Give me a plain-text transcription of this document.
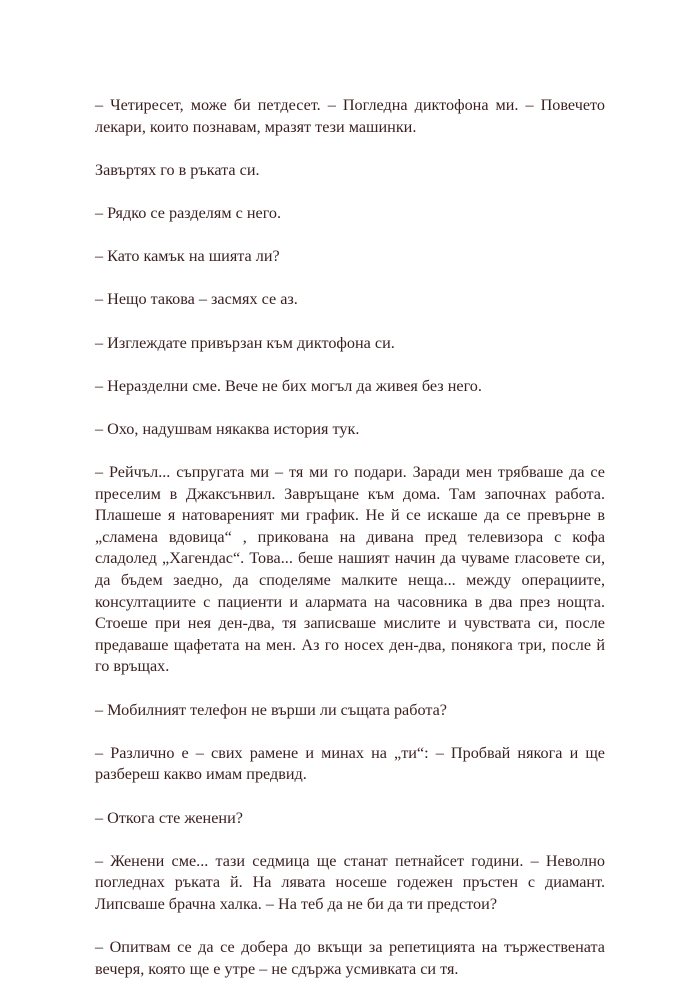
– Четиресет, може би петдесет. – Погледна диктофона ми. – Повечето лекари, които познавам, мразят тези машинки.

Завъртях го в ръката си.

– Рядко се разделям с него.

– Като камък на шията ли?

– Нещо такова – засмях се аз.

– Изглеждате привързан към диктофона си.

– Неразделни сме. Вече не бих могъл да живея без него.

– Охо, надушвам някаква история тук.

– Рейчъл... съпругата ми – тя ми го подари. Заради мен трябваше да се преселим в Джаксънвил. Завръщане към дома. Там започнах работа. Плашеше я натовареният ми график. Не й се искаше да се превърне в „сламена вдовица“ , прикована на дивана пред телевизора с кофа сладолед „Хагендас“. Това... беше нашият начин да чуваме гласовете си, да бъдем заедно, да споделяме малките неща... между операциите, консултациите с пациенти и алармата на часовника в два през нощта. Стоеше при нея ден-два, тя записваше мислите и чувствата си, после предаваше щафетата на мен. Аз го носех ден-два, понякога три, после й го връщах.

– Мобилният телефон не върши ли същата работа?

– Различно е – свих рамене и минах на „ти“: – Пробвай някога и ще разбереш какво имам предвид.

– Откога сте женени?

– Женени сме... тази седмица ще станат петнайсет години. – Неволно погледнах ръката й. На лявата носеше годежен пръстен с диамант. Липсваше брачна халка. – На теб да не би да ти предстои?

– Опитвам се да се добера до вкъщи за репетицията на тържествената вечеря, която ще е утре – не сдържа усмивката си тя.
